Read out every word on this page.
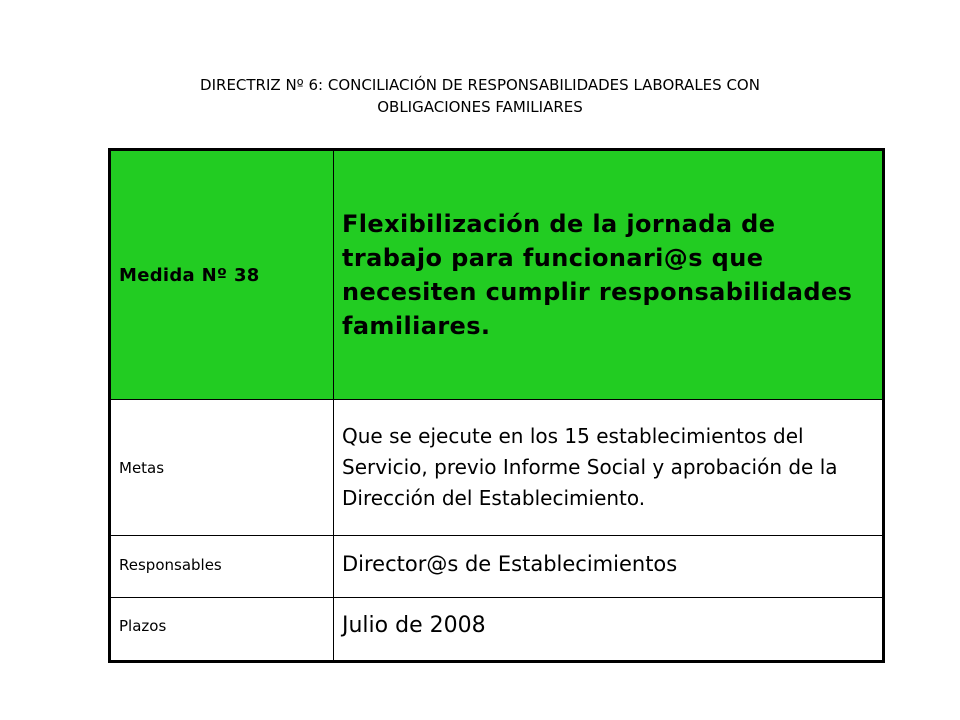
DIRECTRIZ Nº 6: CONCILIACIÓN DE RESPONSABILIDADES LABORALES CON
OBLIGACIONES FAMILIARES
Medida Nº 38	Flexibilización de la jornada de trabajo para funcionari@s que necesiten cumplir responsabilidades familiares.

Metas	Que se ejecute en los 15 establecimientos del Servicio, previo Informe Social y aprobación de la Dirección del Establecimiento.

Responsables	Director@s de Establecimientos

Plazos	Julio de 2008
